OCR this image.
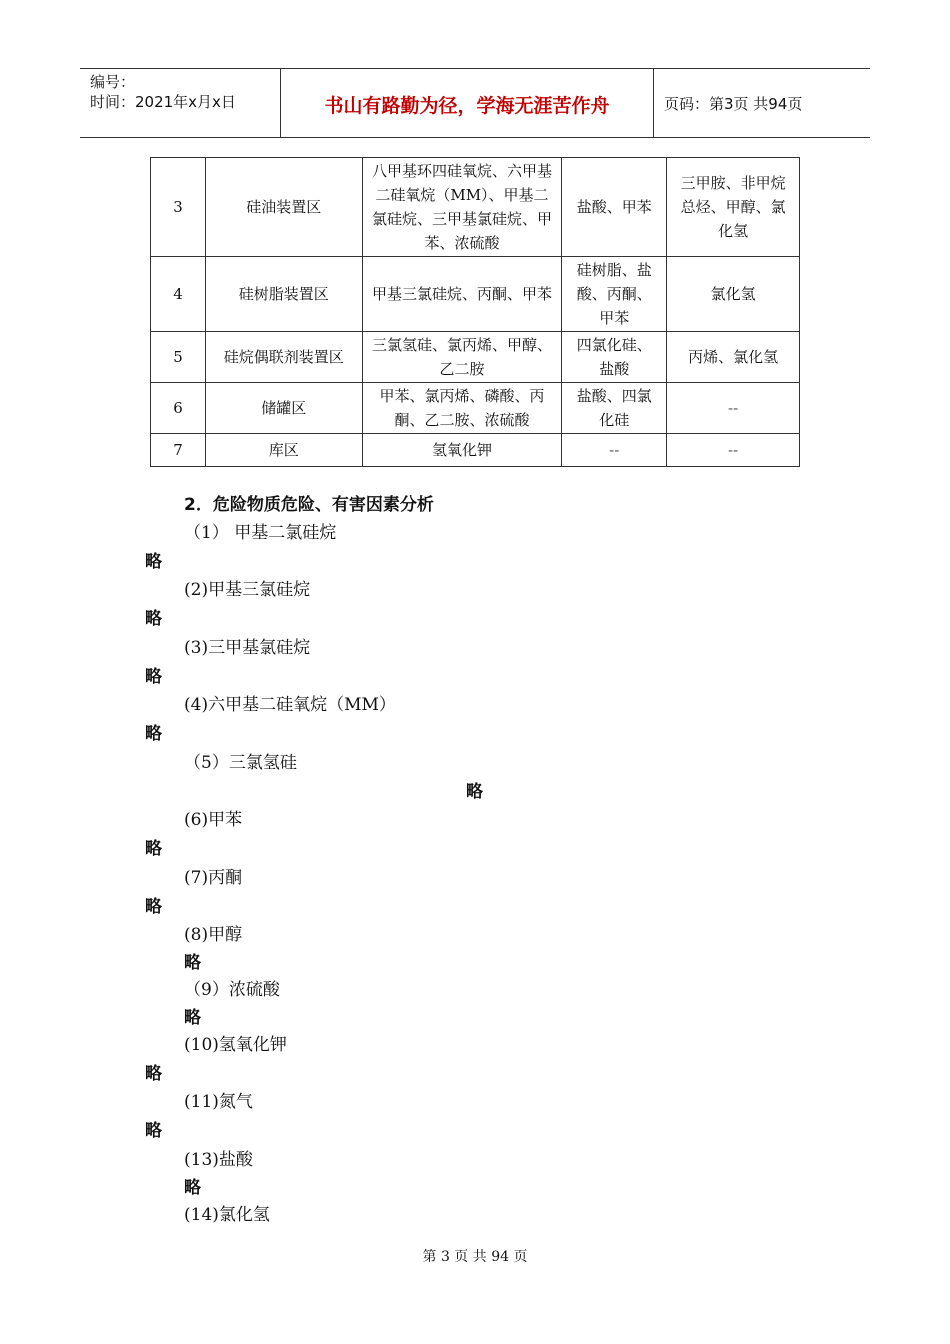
编号：
时间：2021年x月x日	书山有路勤为径，学海无涯苦作舟	页码：第3页 共94页
3	硅油装置区	八甲基环四硅氧烷、六甲基二硅氧烷（MM）、甲基二氯硅烷、三甲基氯硅烷、甲苯、浓硫酸	盐酸、甲苯	三甲胺、非甲烷总烃、甲醇、氯化氢
4	硅树脂装置区	甲基三氯硅烷、丙酮、甲苯	硅树脂、盐酸、丙酮、甲苯	氯化氢
5	硅烷偶联剂装置区	三氯氢硅、氯丙烯、甲醇、乙二胺	四氯化硅、盐酸	丙烯、氯化氢
6	储罐区	甲苯、氯丙烯、磷酸、丙酮、乙二胺、浓硫酸	盐酸、四氯化硅	--
7	库区	氢氧化钾	--	--
2．危险物质危险、有害因素分析
（1） 甲基二氯硅烷
略
(2)甲基三氯硅烷
略
(3)三甲基氯硅烷
略
(4)六甲基二硅氧烷（MM）
略
（5）三氯氢硅
略
(6)甲苯
略
(7)丙酮
略
(8)甲醇
略
（9）浓硫酸
略
(10)氢氧化钾
略
(11)氮气
略
(13)盐酸
略
(14)氯化氢
第 3 页 共 94 页
